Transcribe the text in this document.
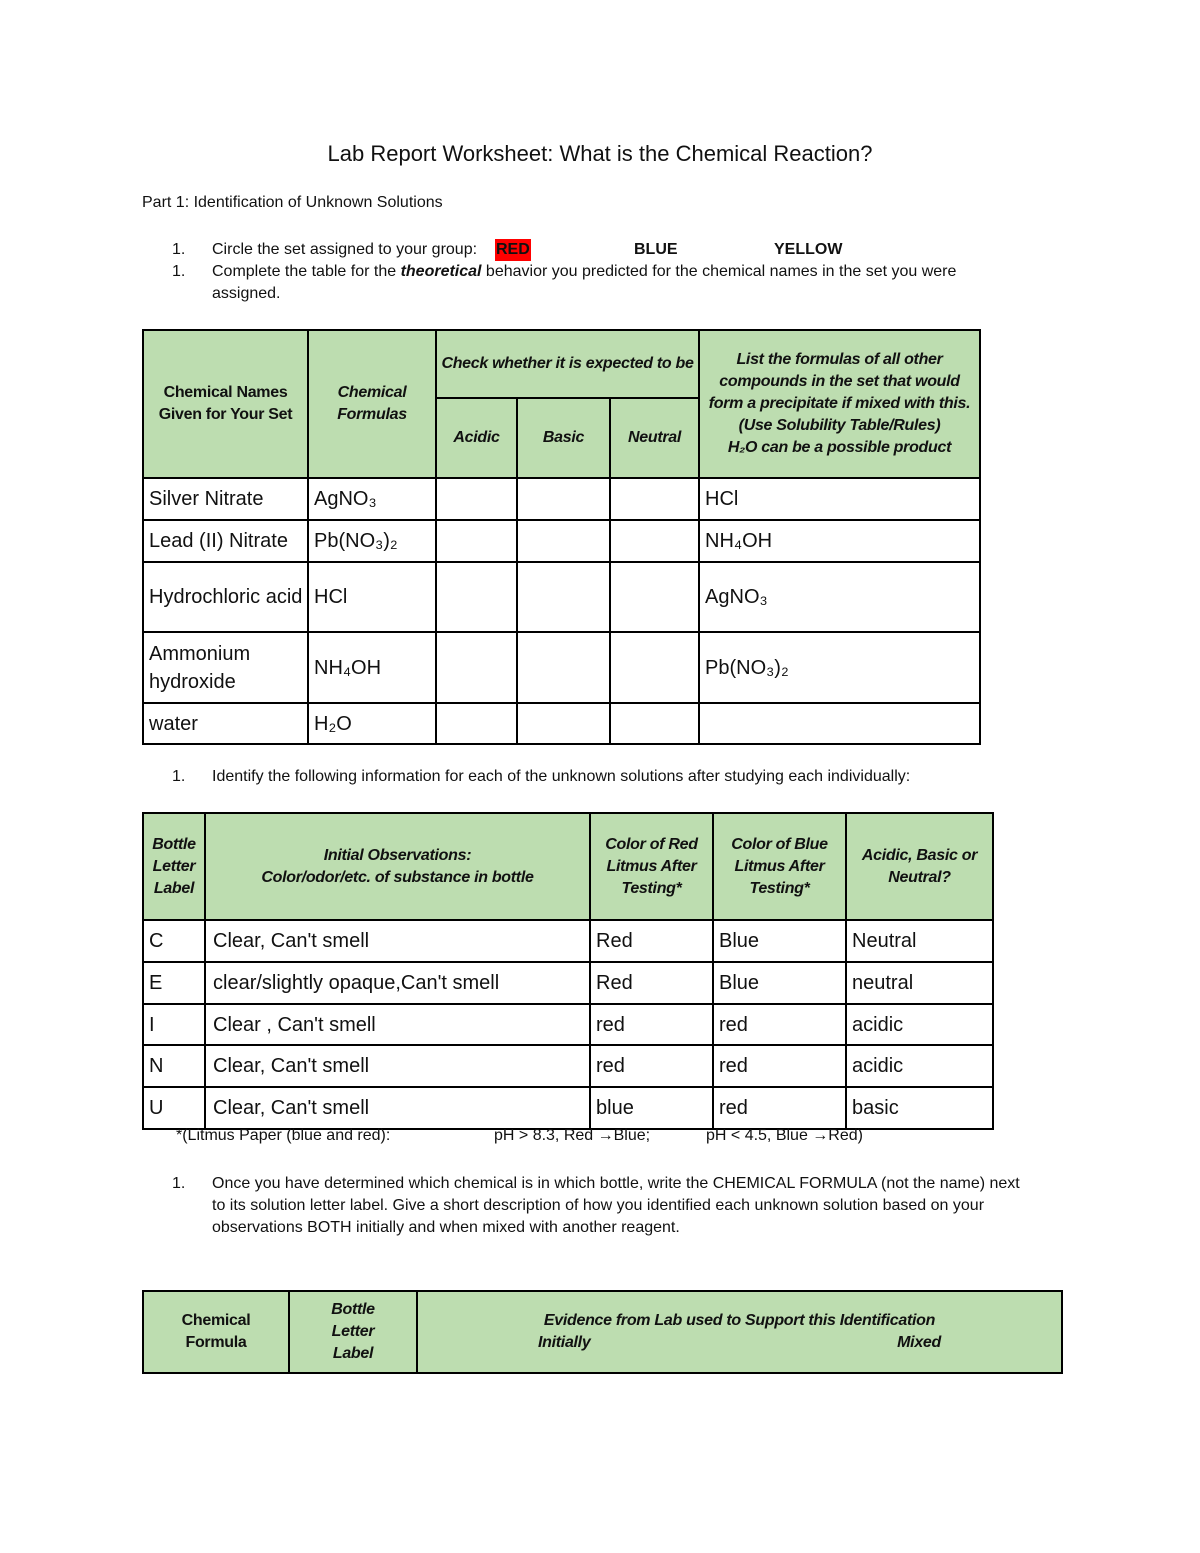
Lab Report Worksheet: What is the Chemical Reaction?
Part 1: Identification of Unknown Solutions
1. Circle the set assigned to your group: RED	BLUE	YELLOW
1. Complete the table for the theoretical behavior you predicted for the chemical names in the set you were
assigned.
Chemical Names Given for Your Set	Chemical Formulas	Check whether it is expected to be			List the formulas of all other compounds in the set that would form a precipitate if mixed with this.
(Use Solubility Table/Rules)
H₂O can be a possible product

		Acidic	Basic	Neutral	
Silver Nitrate	AgNO₃				HCl
Lead (II) Nitrate	Pb(NO₃)₂				NH₄OH
Hydrochloric acid	HCl				AgNO₃
Ammonium hydroxide	NH₄OH				Pb(NO₃)₂
water	H₂O				
1. Identify the following information for each of the unknown solutions after studying each individually:
Bottle Letter Label	Initial Observations:
Color/odor/etc. of substance in bottle	Color of Red Litmus After Testing*	Color of Blue Litmus After Testing*	Acidic, Basic or Neutral?
C	Clear, Can't smell	Red	Blue	Neutral
E	clear/slightly opaque,Can't smell	Red	Blue	neutral
I	Clear , Can't smell	red	red	acidic
N	Clear, Can't smell	red	red	acidic
U	Clear, Can't smell	blue	red	basic
*(Litmus Paper (blue and red):	pH > 8.3, Red →Blue;	pH < 4.5, Blue →Red)
1. Once you have determined which chemical is in which bottle, write the CHEMICAL FORMULA (not the name) next
to its solution letter label. Give a short description of how you identified each unknown solution based on your
observations BOTH initially and when mixed with another reagent.
Chemical Formula	Bottle Letter Label	
Evidence from Lab used to Support this Identification
Initially	Mixed
